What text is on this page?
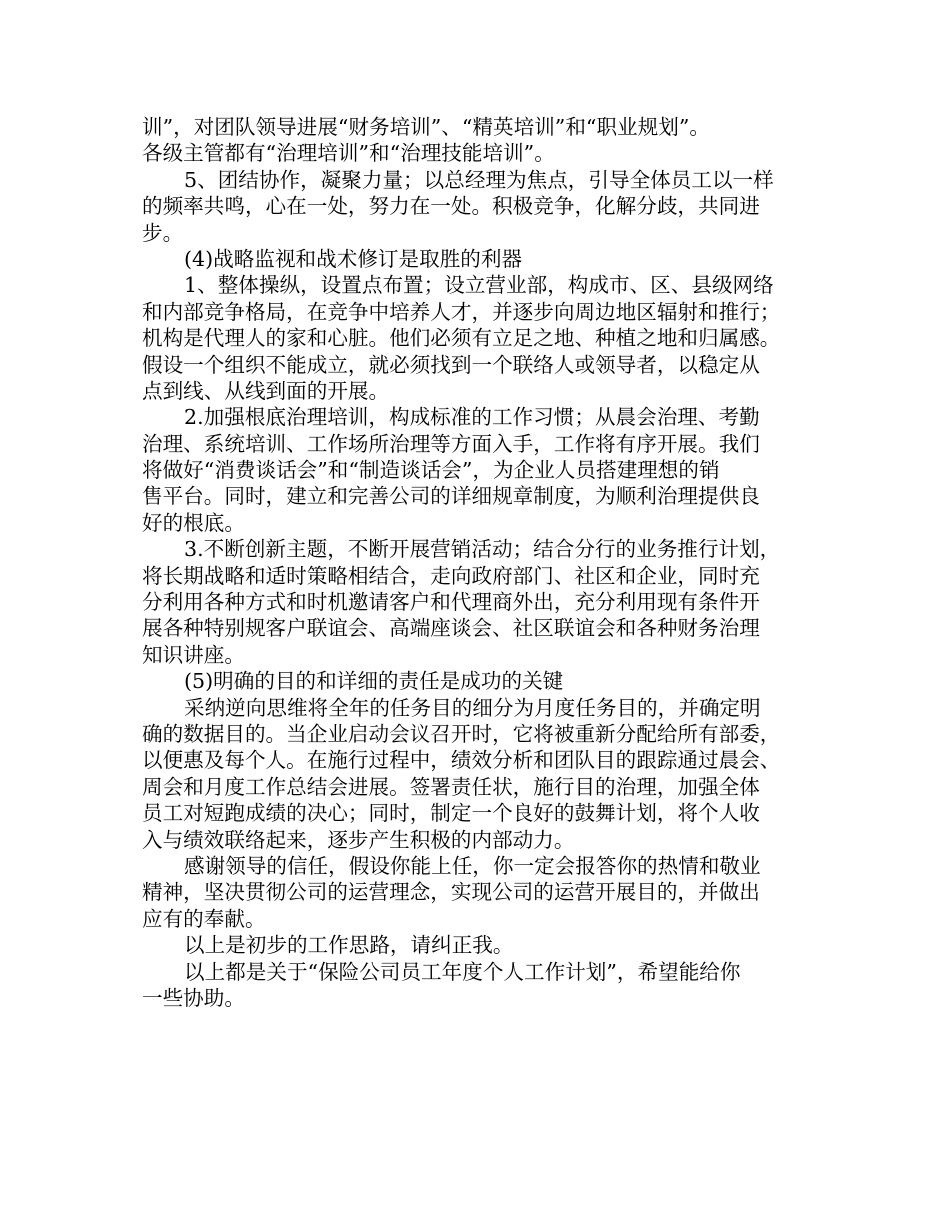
训”，对团队领导进展“财务培训”、“精英培训”和“职业规划”。
各级主管都有“治理培训”和“治理技能培训”。
5、团结协作，凝聚力量；以总经理为焦点，引导全体员工以一样
的频率共鸣，心在一处，努力在一处。积极竞争，化解分歧，共同进
步。
(4)战略监视和战术修订是取胜的利器
1、整体操纵，设置点布置；设立营业部，构成市、区、县级网络
和内部竞争格局，在竞争中培养人才，并逐步向周边地区辐射和推行；
机构是代理人的家和心脏。他们必须有立足之地、种植之地和归属感。
假设一个组织不能成立，就必须找到一个联络人或领导者，以稳定从
点到线、从线到面的开展。
2.加强根底治理培训，构成标准的工作习惯；从晨会治理、考勤
治理、系统培训、工作场所治理等方面入手，工作将有序开展。我们
将做好“消费谈话会”和“制造谈话会”，为企业人员搭建理想的销
售平台。同时，建立和完善公司的详细规章制度，为顺利治理提供良
好的根底。
3.不断创新主题，不断开展营销活动；结合分行的业务推行计划，
将长期战略和适时策略相结合，走向政府部门、社区和企业，同时充
分利用各种方式和时机邀请客户和代理商外出，充分利用现有条件开
展各种特别规客户联谊会、高端座谈会、社区联谊会和各种财务治理
知识讲座。
(5)明确的目的和详细的责任是成功的关键
采纳逆向思维将全年的任务目的细分为月度任务目的，并确定明
确的数据目的。当企业启动会议召开时，它将被重新分配给所有部委，
以便惠及每个人。在施行过程中，绩效分析和团队目的跟踪通过晨会、
周会和月度工作总结会进展。签署责任状，施行目的治理，加强全体
员工对短跑成绩的决心；同时，制定一个良好的鼓舞计划，将个人收
入与绩效联络起来，逐步产生积极的内部动力。
感谢领导的信任，假设你能上任，你一定会报答你的热情和敬业
精神，坚决贯彻公司的运营理念，实现公司的运营开展目的，并做出
应有的奉献。
以上是初步的工作思路，请纠正我。
以上都是关于“保险公司员工年度个人工作计划”，希望能给你
一些协助。
